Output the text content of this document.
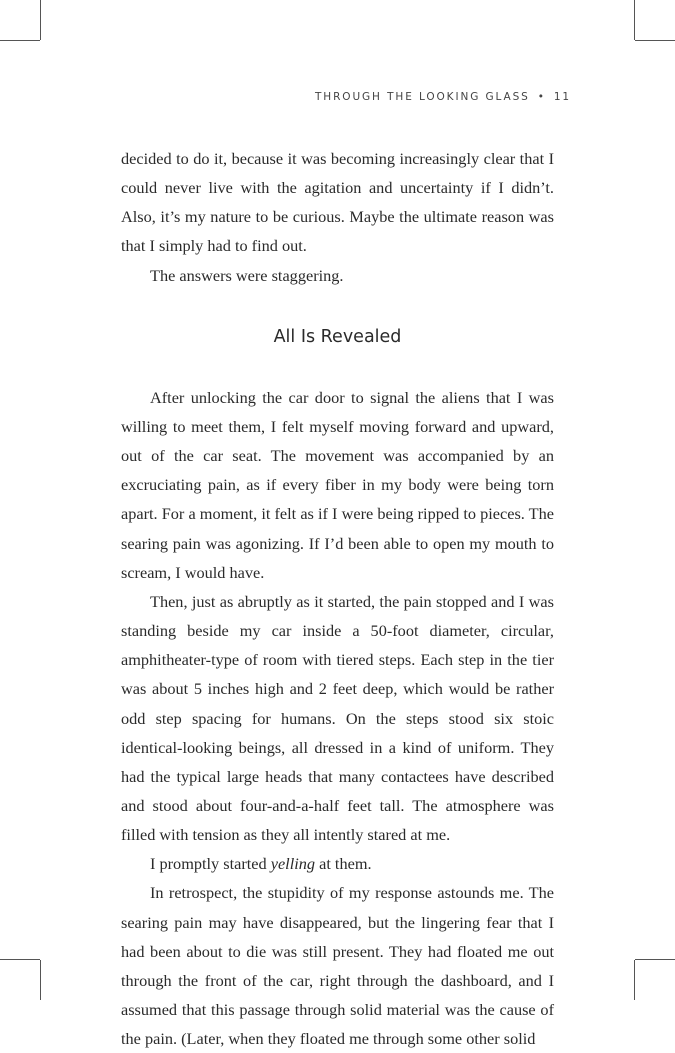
THROUGH THE LOOKING GLASS • 11

decided to do it, because it was becoming increasingly clear that I could never live with the agitation and uncertainty if I didn’t. Also, it’s my nature to be curious. Maybe the ultimate reason was that I simply had to find out.

The answers were staggering.

All Is Revealed

After unlocking the car door to signal the aliens that I was willing to meet them, I felt myself moving forward and upward, out of the car seat. The movement was accompanied by an excruciating pain, as if every fiber in my body were being torn apart. For a moment, it felt as if I were being ripped to pieces. The searing pain was agonizing. If I’d been able to open my mouth to scream, I would have.

Then, just as abruptly as it started, the pain stopped and I was standing beside my car inside a 50-foot diameter, circular, amphitheater-type of room with tiered steps. Each step in the tier was about 5 inches high and 2 feet deep, which would be rather odd step spacing for humans. On the steps stood six stoic identical-looking beings, all dressed in a kind of uniform. They had the typical large heads that many contactees have described and stood about four-and-a-half feet tall. The atmosphere was filled with tension as they all intently stared at me.

I promptly started yelling at them.

In retrospect, the stupidity of my response astounds me. The searing pain may have disappeared, but the lingering fear that I had been about to die was still present. They had floated me out through the front of the car, right through the dashboard, and I assumed that this passage through solid material was the cause of the pain. (Later, when they floated me through some other solid
